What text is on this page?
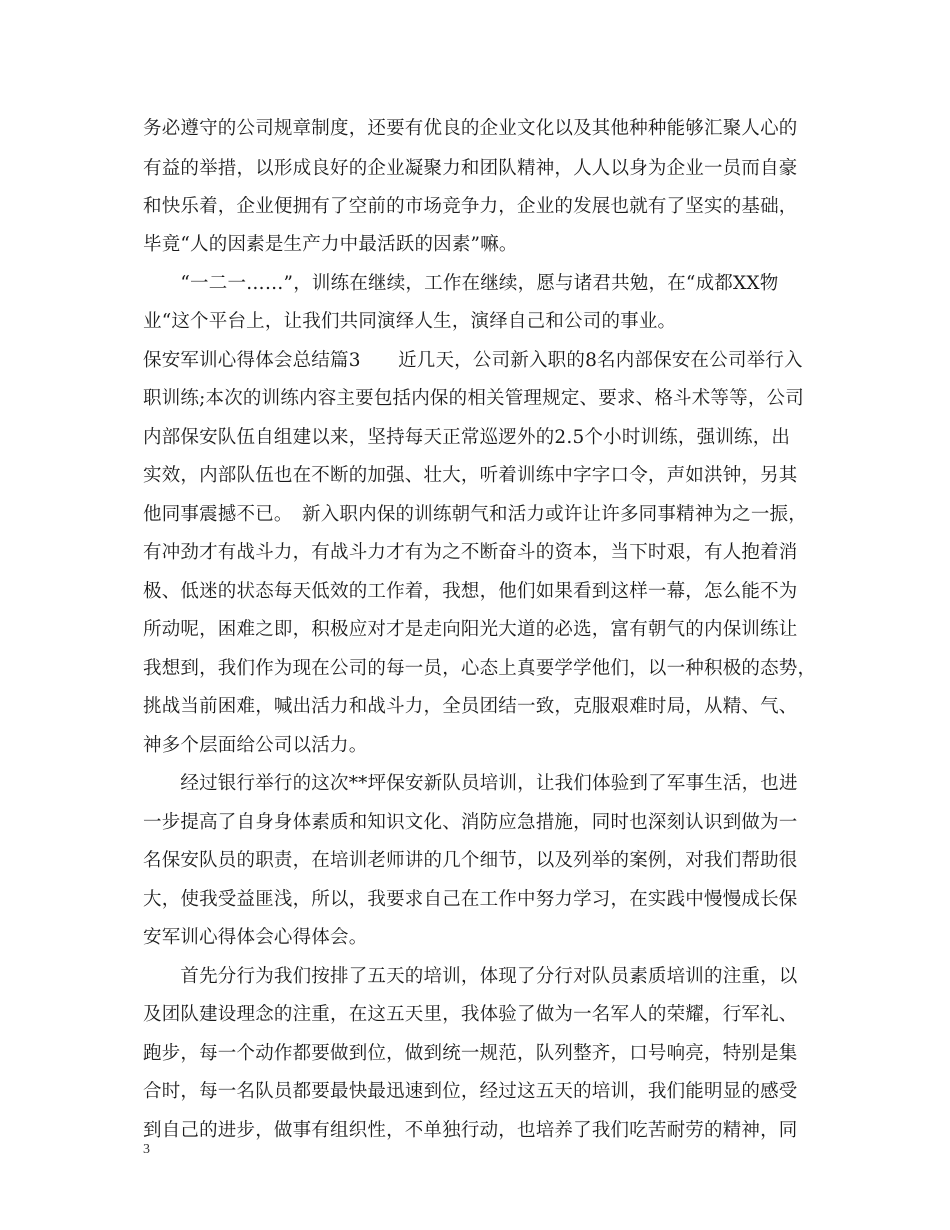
务必遵守的公司规章制度，还要有优良的企业文化以及其他种种能够汇聚人心的
有益的举措，以形成良好的企业凝聚力和团队精神，人人以身为企业一员而自豪
和快乐着，企业便拥有了空前的市场竞争力，企业的发展也就有了坚实的基础，
毕竟“人的因素是生产力中最活跃的因素”嘛。
　　“一二一……”，训练在继续，工作在继续，愿与诸君共勉，在“成都XX物
业“这个平台上，让我们共同演绎人生，演绎自己和公司的事业。
保安军训心得体会总结篇3　　近几天，公司新入职的8名内部保安在公司举行入
职训练;本次的训练内容主要包括内保的相关管理规定、要求、格斗术等等，公司
内部保安队伍自组建以来，坚持每天正常巡逻外的2.5个小时训练，强训练，出
实效，内部队伍也在不断的加强、壮大，听着训练中字字口令，声如洪钟，另其
他同事震撼不已。　新入职内保的训练朝气和活力或许让许多同事精神为之一振，
有冲劲才有战斗力，有战斗力才有为之不断奋斗的资本，当下时艰，有人抱着消
极、低迷的状态每天低效的工作着，我想，他们如果看到这样一幕，怎么能不为
所动呢，困难之即，积极应对才是走向阳光大道的必选，富有朝气的内保训练让
我想到，我们作为现在公司的每一员，心态上真要学学他们，以一种积极的态势，
挑战当前困难，喊出活力和战斗力，全员团结一致，克服艰难时局，从精、气、
神多个层面给公司以活力。
　　经过银行举行的这次**坪保安新队员培训，让我们体验到了军事生活，也进
一步提高了自身身体素质和知识文化、消防应急措施，同时也深刻认识到做为一
名保安队员的职责，在培训老师讲的几个细节，以及列举的案例，对我们帮助很
大，使我受益匪浅，所以，我要求自己在工作中努力学习，在实践中慢慢成长保
安军训心得体会心得体会。
　　首先分行为我们按排了五天的培训，体现了分行对队员素质培训的注重，以
及团队建设理念的注重，在这五天里，我体验了做为一名军人的荣耀，行军礼、
跑步，每一个动作都要做到位，做到统一规范，队列整齐，口号响亮，特别是集
合时，每一名队员都要最快最迅速到位，经过这五天的培训，我们能明显的感受
到自己的进步，做事有组织性，不单独行动，也培养了我们吃苦耐劳的精神，同
3
